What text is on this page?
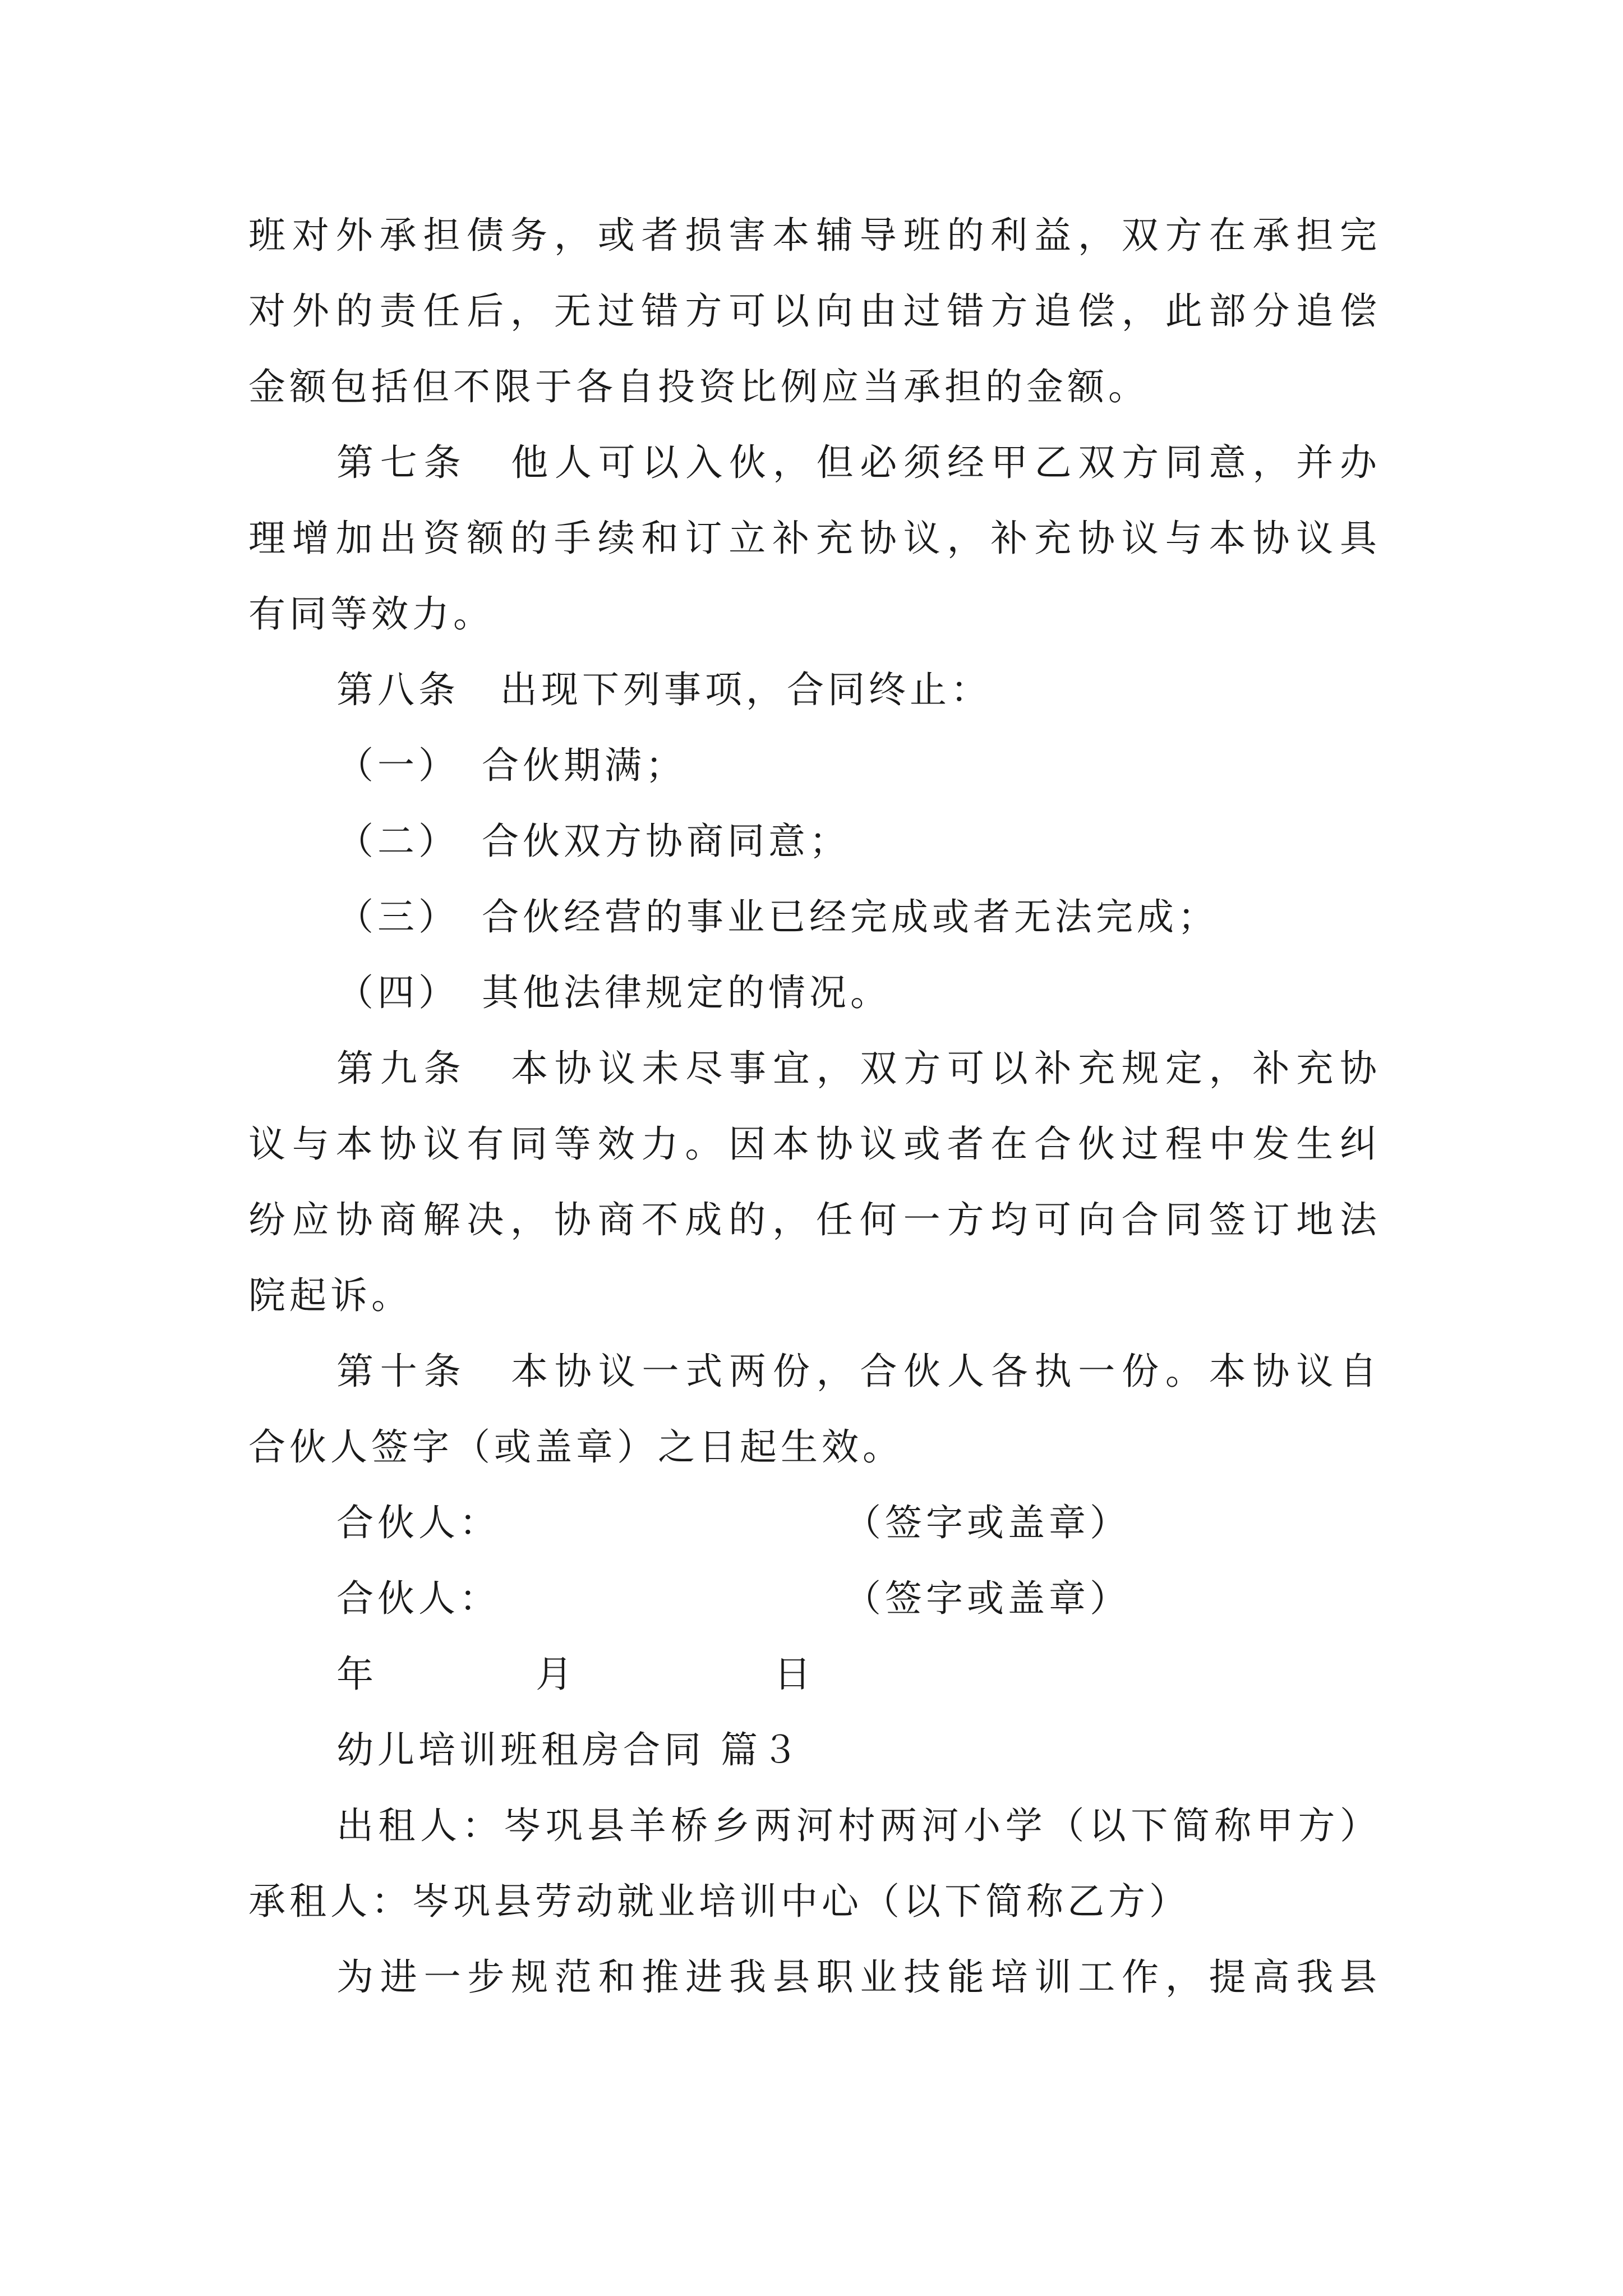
班对外承担债务，或者损害本辅导班的利益，双方在承担完
对外的责任后，无过错方可以向由过错方追偿，此部分追偿
金额包括但不限于各自投资比例应当承担的金额。
第七条　他人可以入伙，但必须经甲乙双方同意，并办
理增加出资额的手续和订立补充协议，补充协议与本协议具
有同等效力。
第八条　出现下列事项，合同终止：
（一）　合伙期满；
（二）　合伙双方协商同意；
（三）　合伙经营的事业已经完成或者无法完成；
（四）　其他法律规定的情况。
第九条　本协议未尽事宜，双方可以补充规定，补充协
议与本协议有同等效力。因本协议或者在合伙过程中发生纠
纷应协商解决，协商不成的，任何一方均可向合同签订地法
院起诉。
第十条　本协议一式两份，合伙人各执一份。本协议自
合伙人签字（或盖章）之日起生效。
合伙人：	（签字或盖章）
合伙人：	（签字或盖章）
年	月	日
幼儿培训班租房合同 篇３
出租人：岑巩县羊桥乡两河村两河小学（以下简称甲方）
承租人：岑巩县劳动就业培训中心（以下简称乙方）
为进一步规范和推进我县职业技能培训工作，提高我县
